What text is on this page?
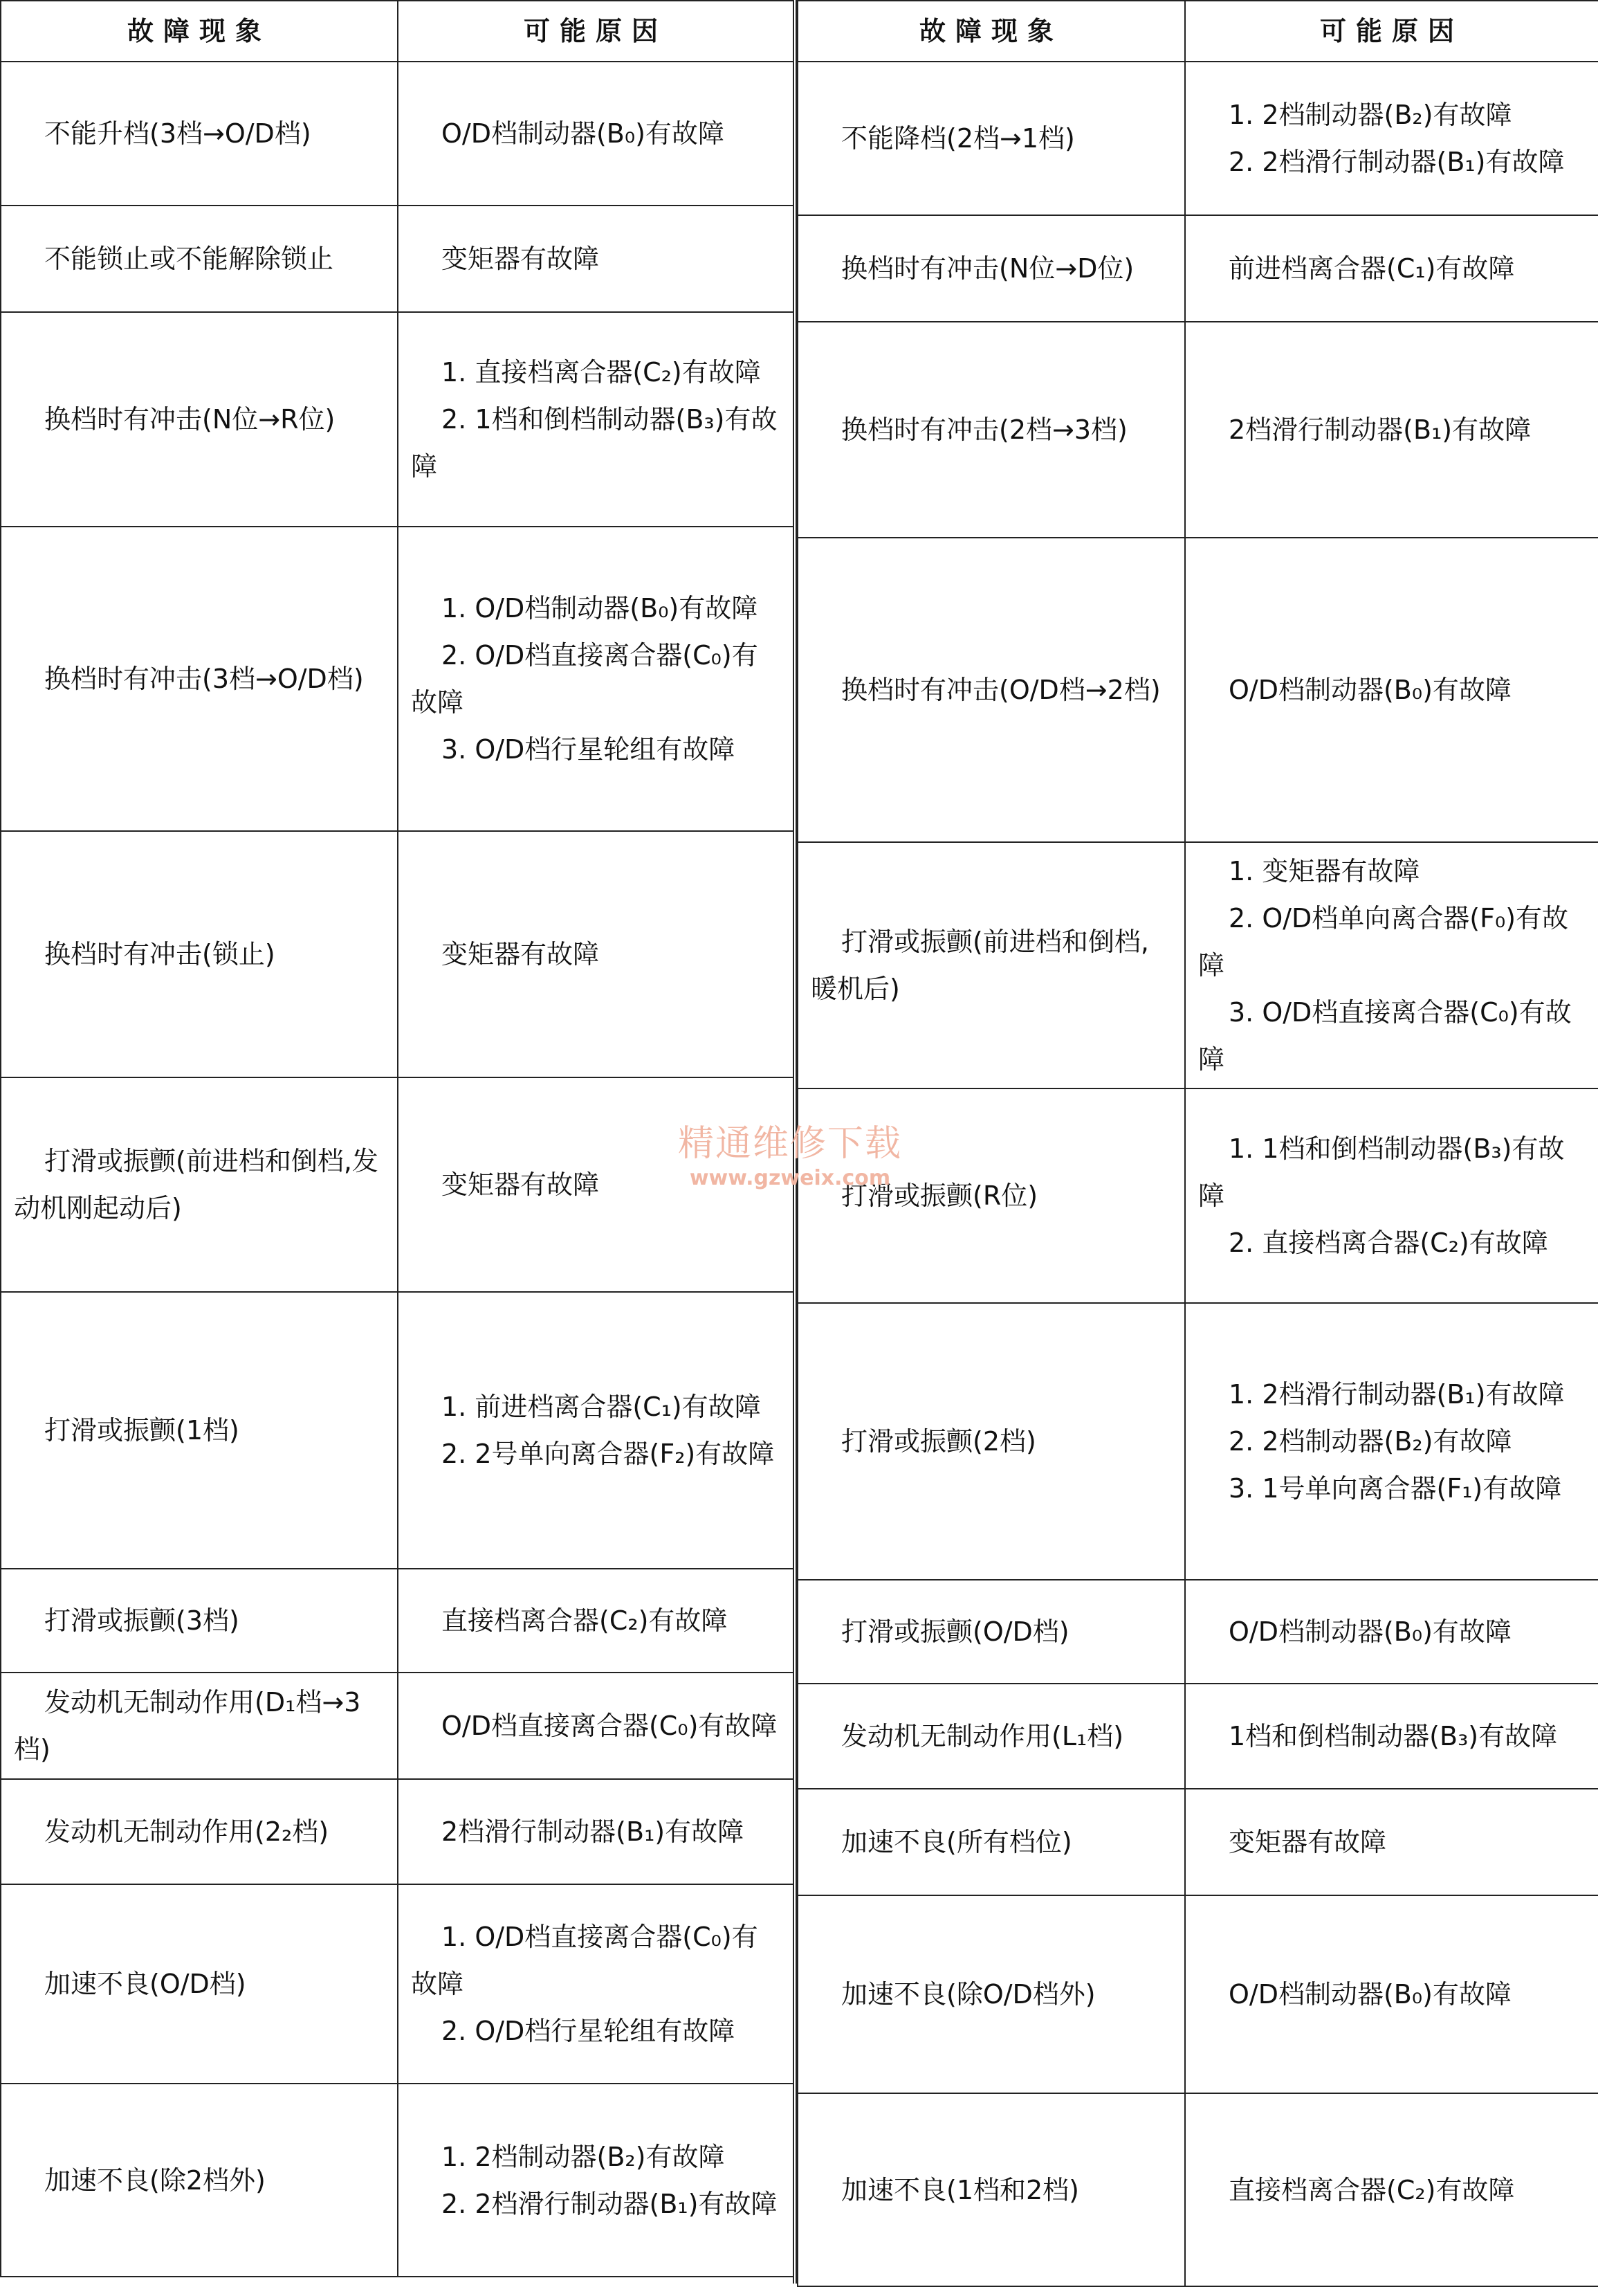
故障现象	可能原因

不能升档(3档→O/D档)	O/D档制动器(B₀)有故障

不能锁止或不能解除锁止	变矩器有故障

换档时有冲击(N位→R位)	1. 直接档离合器(C₂)有故障
2. 1档和倒档制动器(B₃)有故障

换档时有冲击(3档→O/D档)	1. O/D档制动器(B₀)有故障
2. O/D档直接离合器(C₀)有故障
3. O/D档行星轮组有故障

换档时有冲击(锁止)	变矩器有故障

打滑或振颤(前进档和倒档,发动机刚起动后)	变矩器有故障

打滑或振颤(1档)	1. 前进档离合器(C₁)有故障
2. 2号单向离合器(F₂)有故障

打滑或振颤(3档)	直接档离合器(C₂)有故障

发动机无制动作用(D₁档→3档)	O/D档直接离合器(C₀)有故障

发动机无制动作用(2₂档)	2档滑行制动器(B₁)有故障

加速不良(O/D档)	1. O/D档直接离合器(C₀)有故障
2. O/D档行星轮组有故障

加速不良(除2档外)	1. 2档制动器(B₂)有故障
2. 2档滑行制动器(B₁)有故障
故障现象	可能原因

不能降档(2档→1档)	1. 2档制动器(B₂)有故障
2. 2档滑行制动器(B₁)有故障

换档时有冲击(N位→D位)	前进档离合器(C₁)有故障

换档时有冲击(2档→3档)	2档滑行制动器(B₁)有故障

换档时有冲击(O/D档→2档)	O/D档制动器(B₀)有故障

打滑或振颤(前进档和倒档,暖机后)	1. 变矩器有故障
2. O/D档单向离合器(F₀)有故障
3. O/D档直接离合器(C₀)有故障

打滑或振颤(R位)	1. 1档和倒档制动器(B₃)有故障
2. 直接档离合器(C₂)有故障

打滑或振颤(2档)	1. 2档滑行制动器(B₁)有故障
2. 2档制动器(B₂)有故障
3. 1号单向离合器(F₁)有故障

打滑或振颤(O/D档)	O/D档制动器(B₀)有故障

发动机无制动作用(L₁档)	1档和倒档制动器(B₃)有故障

加速不良(所有档位)	变矩器有故障

加速不良(除O/D档外)	O/D档制动器(B₀)有故障

加速不良(1档和2档)	直接档离合器(C₂)有故障
精通维修下载
www.gzweix.com
